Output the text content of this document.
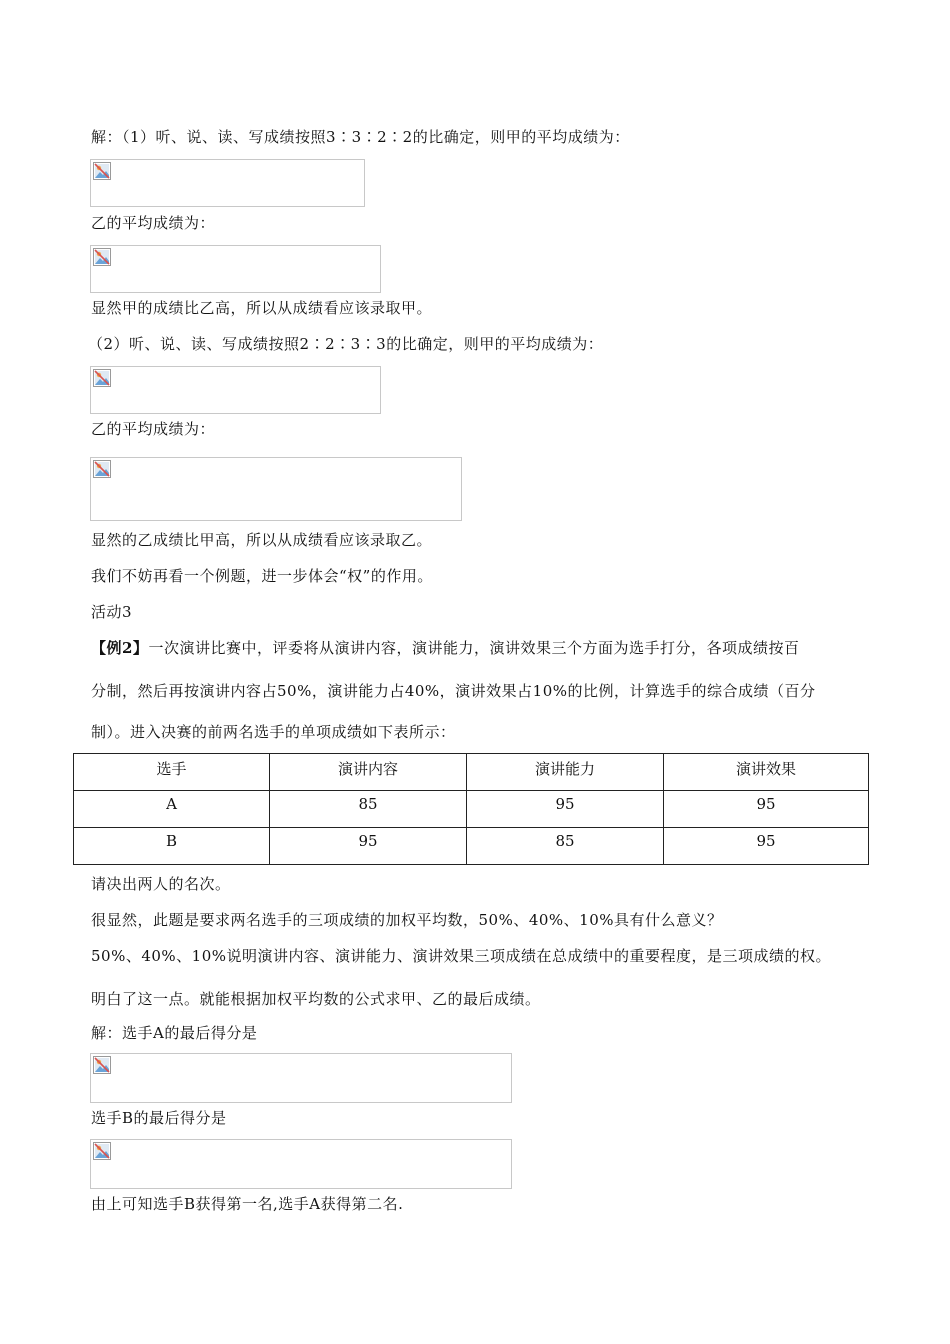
解：（1）听、说、读、写成绩按照3∶3∶2∶2的比确定，则甲的平均成绩为：
乙的平均成绩为：
显然甲的成绩比乙高，所以从成绩看应该录取甲。
（2）听、说、读、写成绩按照2∶2∶3∶3的比确定，则甲的平均成绩为：
乙的平均成绩为：
显然的乙成绩比甲高，所以从成绩看应该录取乙。
我们不妨再看一个例题，进一步体会“权”的作用。
活动3
【例2】一次演讲比赛中，评委将从演讲内容，演讲能力，演讲效果三个方面为选手打分，各项成绩按百
分制，然后再按演讲内容占50%，演讲能力占40%，演讲效果占10%的比例，计算选手的综合成绩（百分
制）。进入决赛的前两名选手的单项成绩如下表所示：
选手	演讲内容	演讲能力	演讲效果
A	85	95	95
B	95	85	95
请决出两人的名次。
很显然，此题是要求两名选手的三项成绩的加权平均数，50%、40%、10%具有什么意义？
50%、40%、10%说明演讲内容、演讲能力、演讲效果三项成绩在总成绩中的重要程度，是三项成绩的权。
明白了这一点。就能根据加权平均数的公式求甲、乙的最后成绩。
解：选手A的最后得分是
选手B的最后得分是
由上可知选手B获得第一名,选手A获得第二名.
